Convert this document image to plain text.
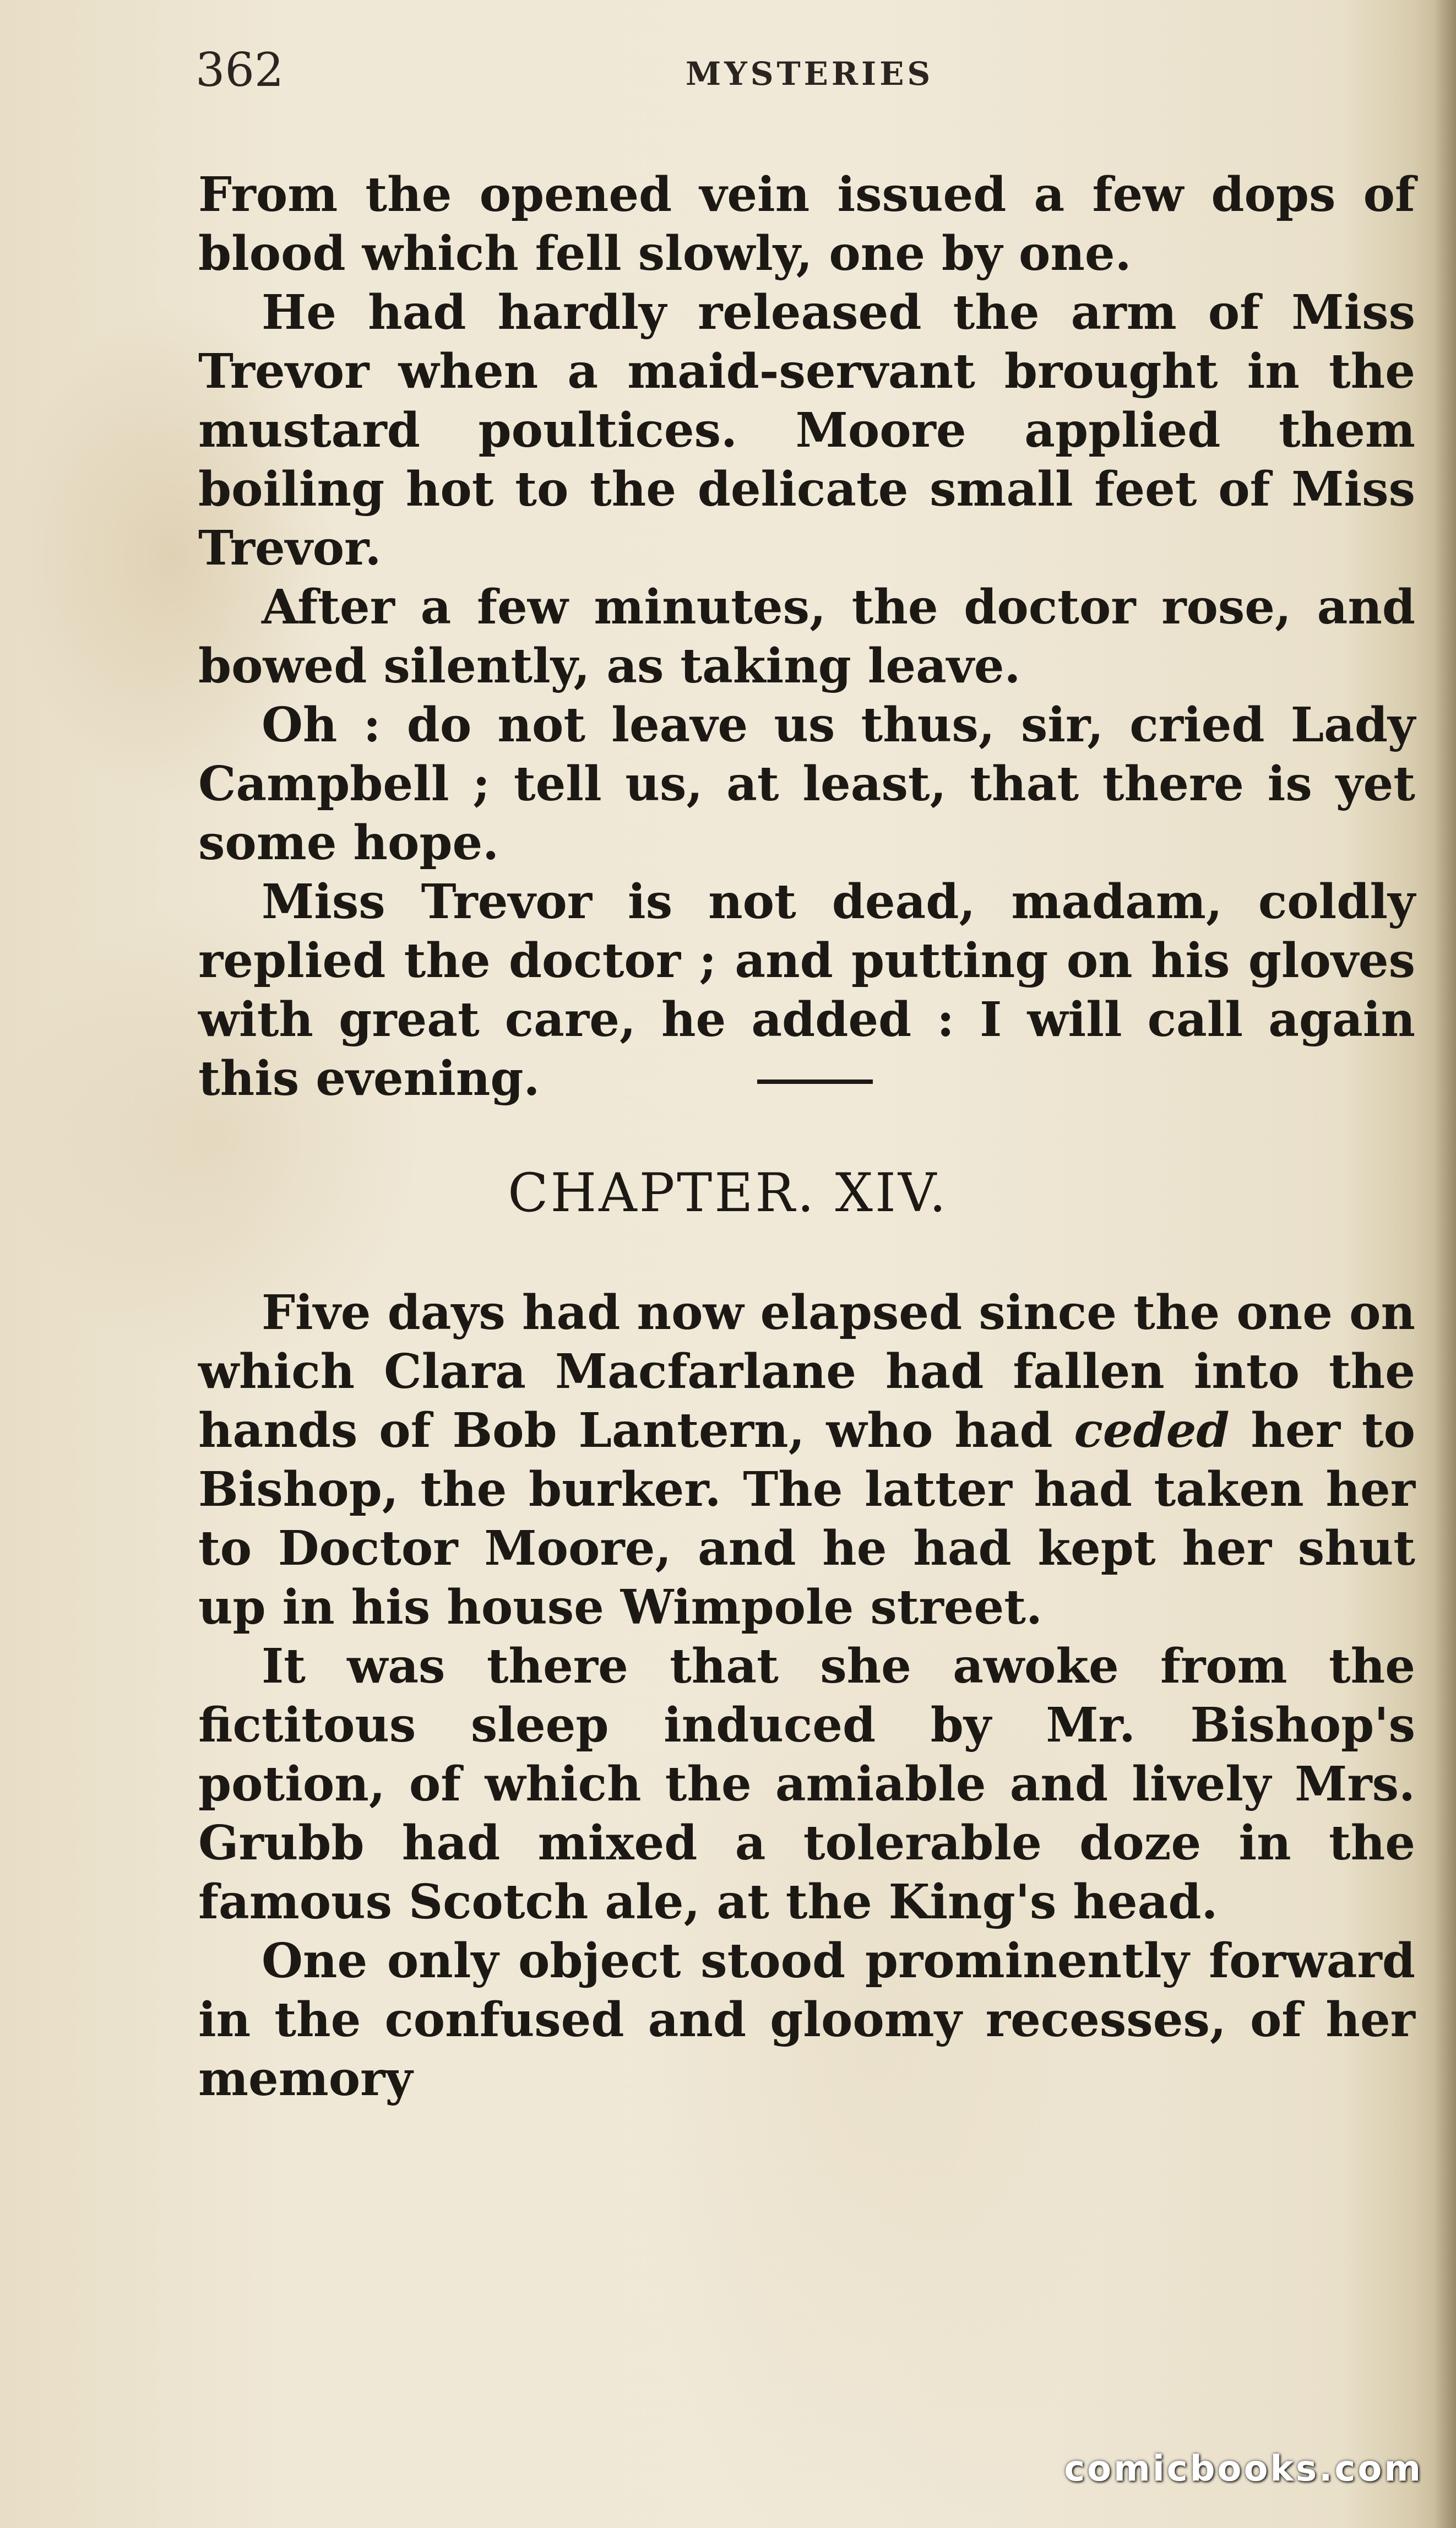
362	MYSTERIES

From the opened vein issued a few dops of blood which fell slowly, one by one.

He had hardly released the arm of Miss Trevor when a maid-servant brought in the mustard poultices. Moore applied them boiling hot to the delicate small feet of Miss Trevor.

After a few minutes, the doctor rose, and bowed silently, as taking leave.

Oh : do not leave us thus, sir, cried Lady Campbell ; tell us, at least, that there is yet some hope.

Miss Trevor is not dead, madam, coldly replied the doctor ; and putting on his gloves with great care, he added : I will call again this evening.

CHAPTER. XIV.

Five days had now elapsed since the one on which Clara Macfarlane had fallen into the hands of Bob Lantern, who had ceded her to Bishop, the burker. The latter had taken her to Doctor Moore, and he had kept her shut up in his house Wimpole street.

It was there that she awoke from the fictitous sleep induced by Mr. Bishop's potion, of which the amiable and lively Mrs. Grubb had mixed a tolerable doze in the famous Scotch ale, at the King's head.

One only object stood prominently forward in the confused and gloomy recesses, of her memory

comicbooks.com
